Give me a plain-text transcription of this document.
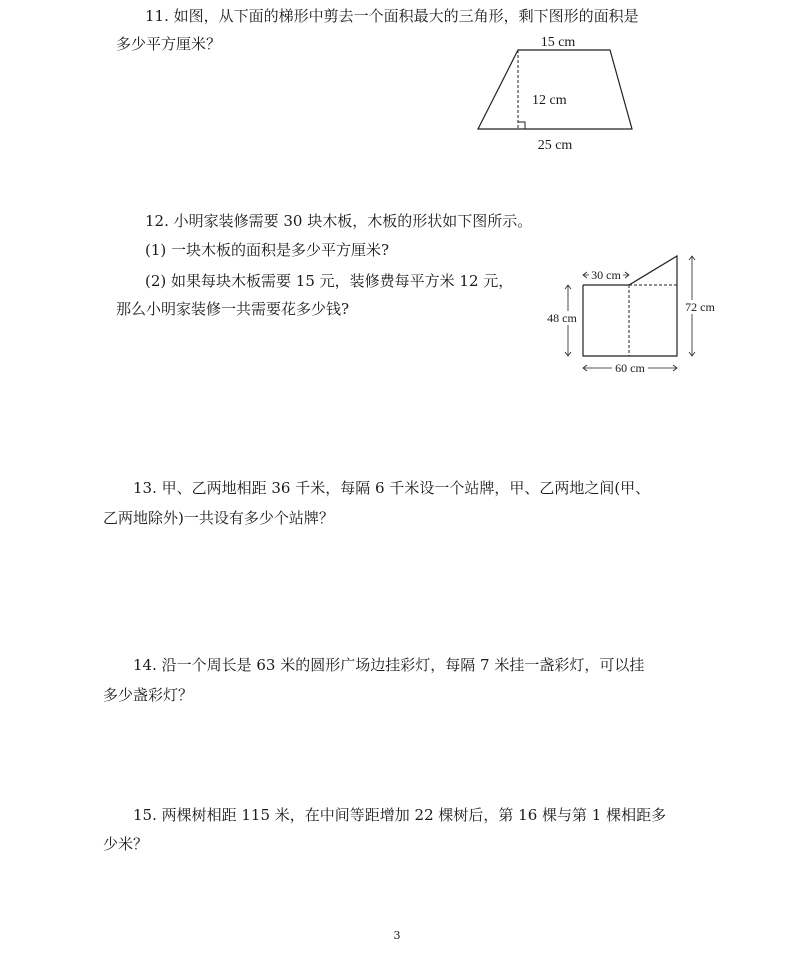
11. 如图，从下面的梯形中剪去一个面积最大的三角形，剩下图形的面积是
多少平方厘米？	15 cm
12 cm
25 cm
12. 小明家装修需要 30 块木板，木板的形状如下图所示。
(1) 一块木板的面积是多少平方厘米?
(2) 如果每块木板需要 15 元，装修费每平方米 12 元，
那么小明家装修一共需要花多少钱?
30 cm
48 cm
72 cm
60 cm
13. 甲、乙两地相距 36 千米，每隔 6 千米设一个站牌，甲、乙两地之间(甲、
乙两地除外)一共设有多少个站牌？
14. 沿一个周长是 63 米的圆形广场边挂彩灯，每隔 7 米挂一盏彩灯，可以挂
多少盏彩灯？
15. 两棵树相距 115 米，在中间等距增加 22 棵树后，第 16 棵与第 1 棵相距多
少米？
3
